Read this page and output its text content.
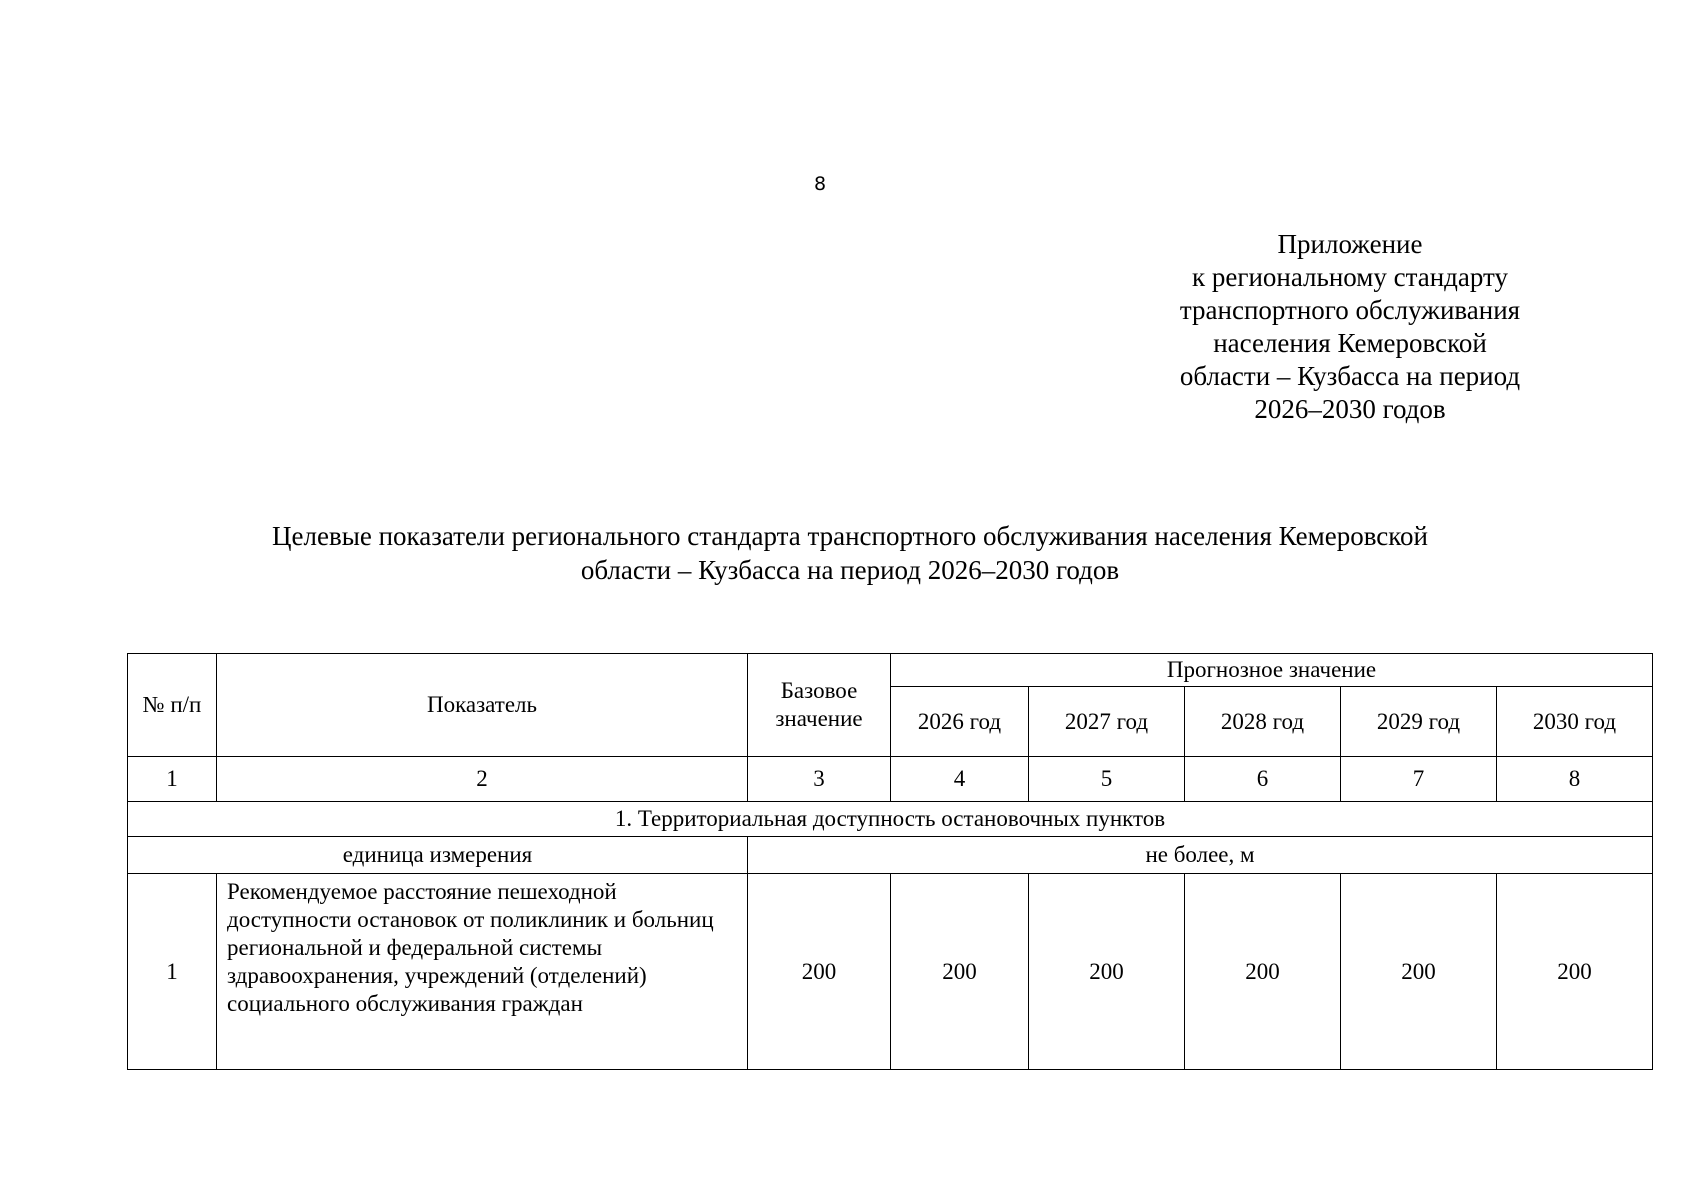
8
Приложение
к региональному стандарту
транспортного обслуживания
населения Кемеровской
области – Кузбасса на период
2026–2030 годов
Целевые показатели регионального стандарта транспортного обслуживания населения Кемеровской
области – Кузбасса на период 2026–2030 годов
№ п/п	Показатель	Базовое значение	Прогнозное значение				
			2026 год	2027 год	2028 год	2029 год	2030 год
1	2	3	4	5	6	7	8
1. Территориальная доступность остановочных пунктов							
единица измерения		не более, м					
1	Рекомендуемое расстояние пешеходной доступности остановок от поликлиник и больниц региональной и федеральной системы здравоохранения, учреждений (отделений) социального обслуживания граждан	200	200	200	200	200	200
